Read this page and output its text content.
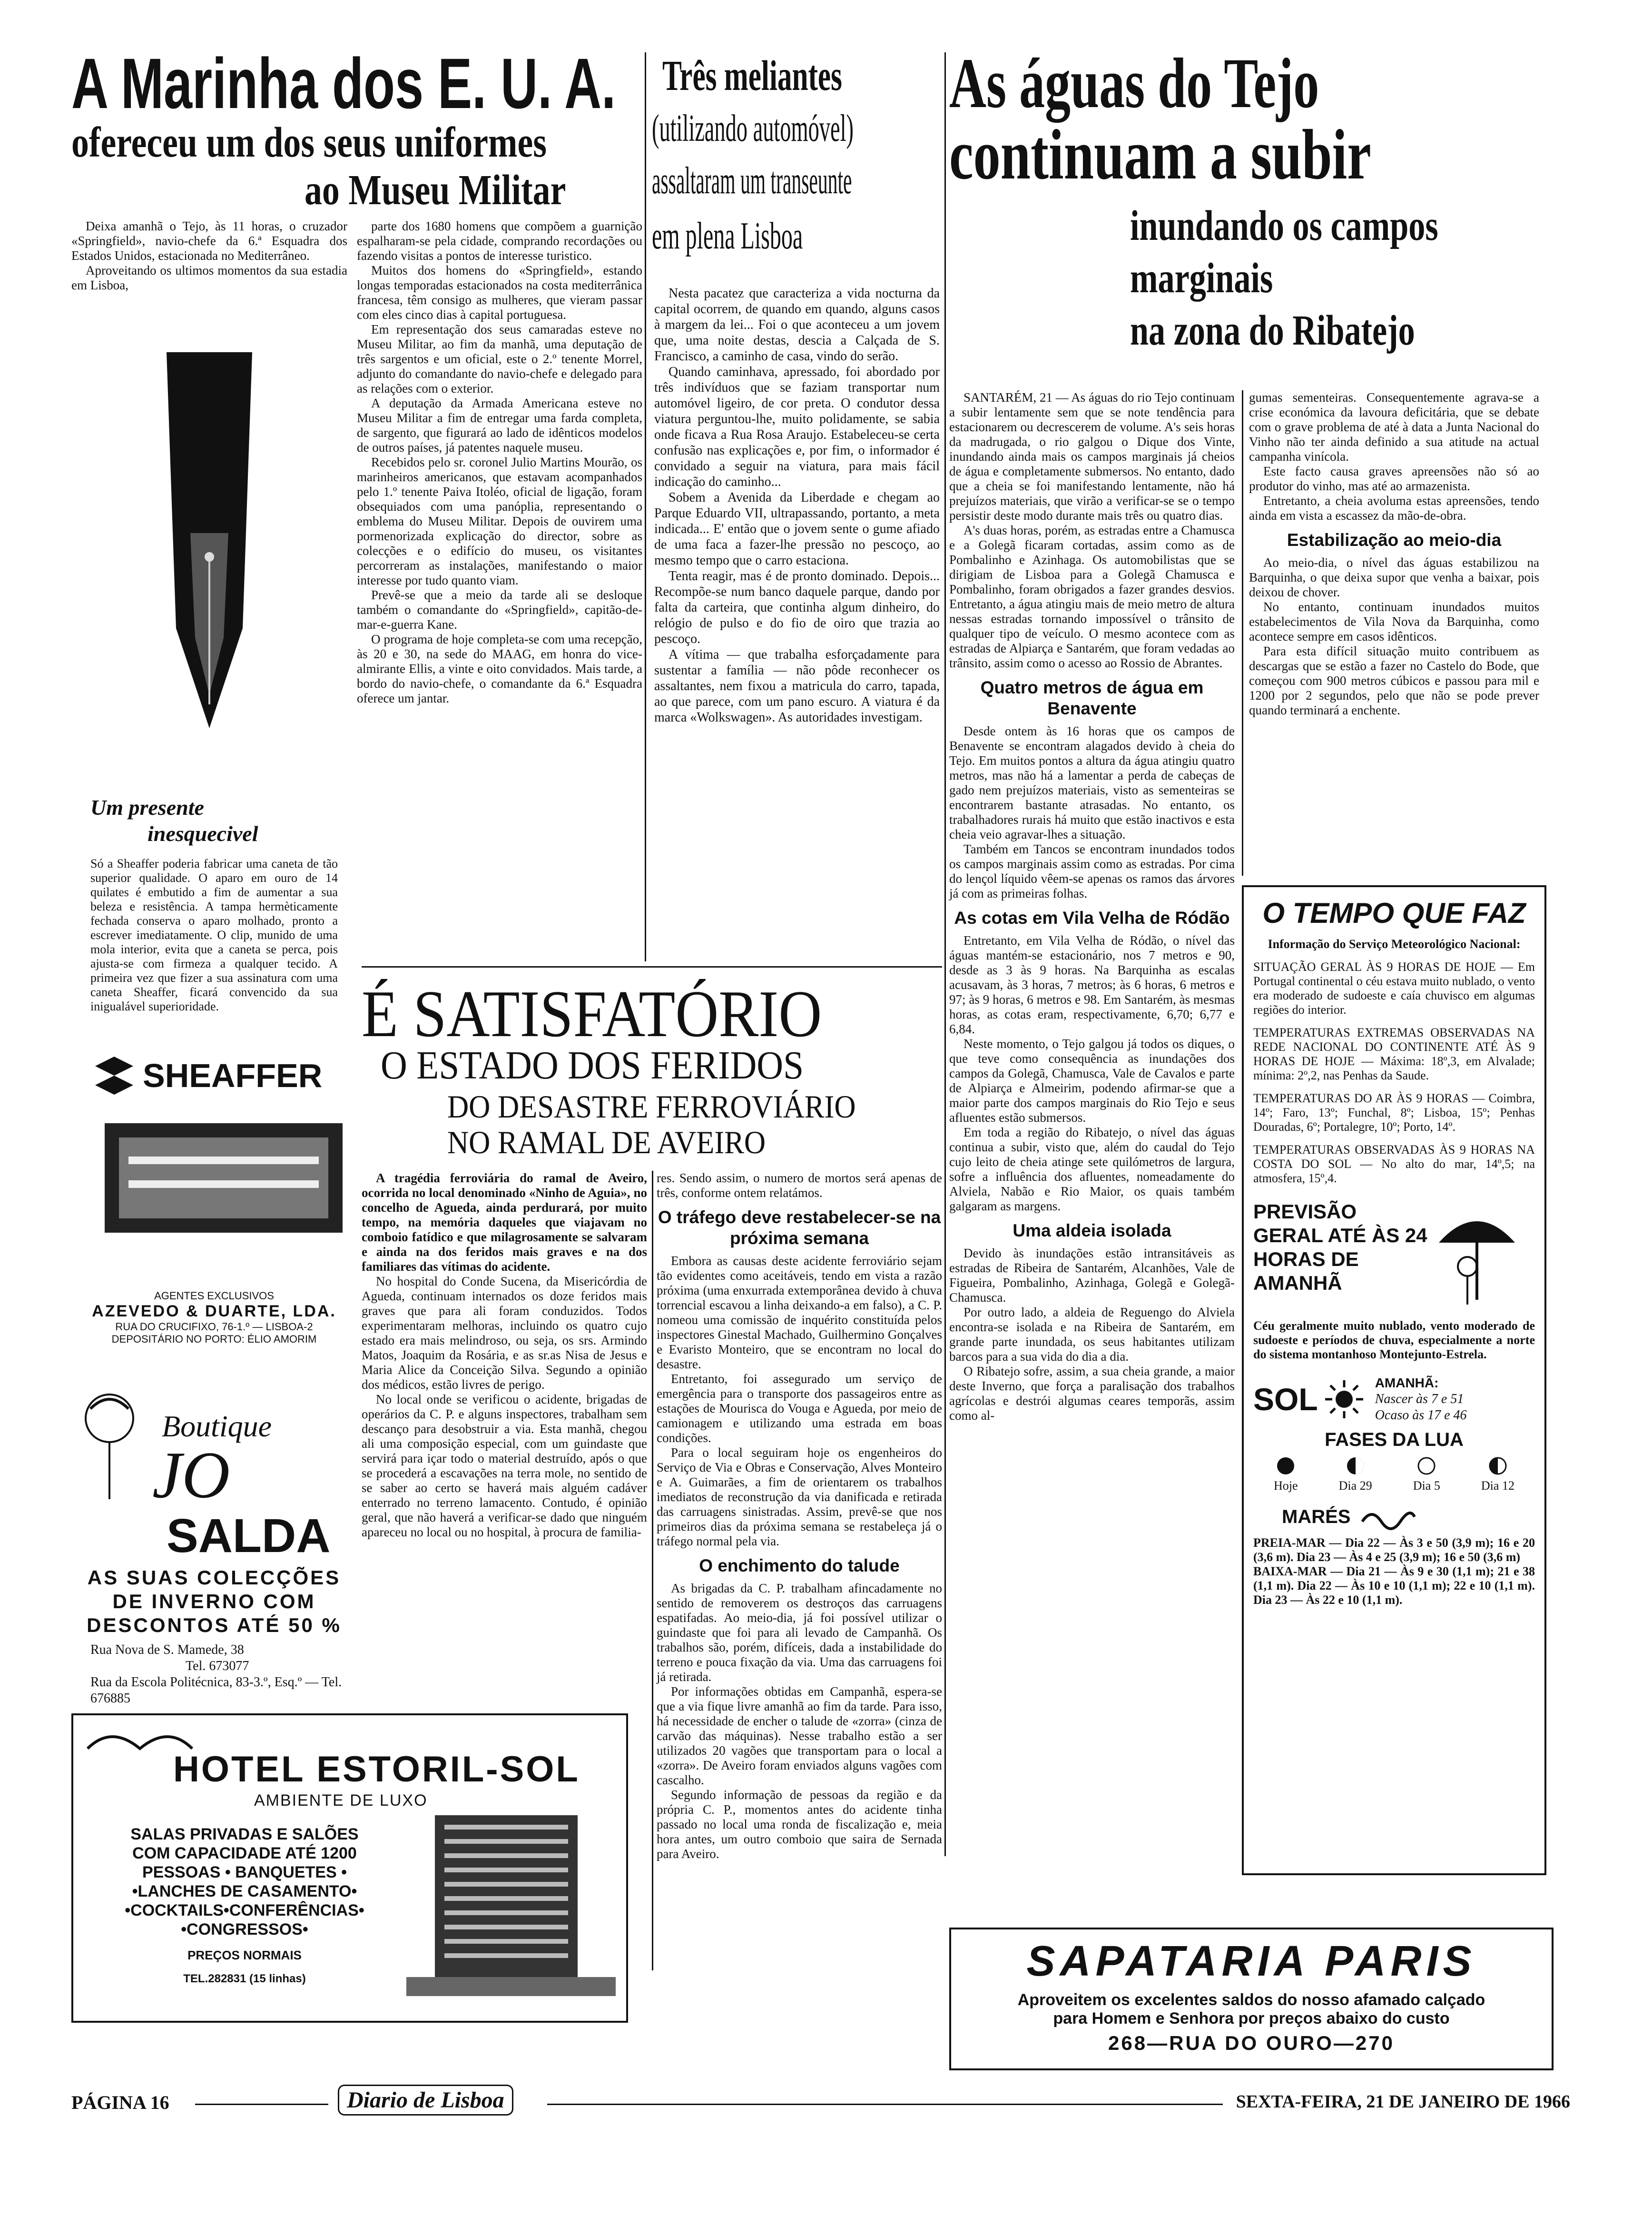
A Marinha dos E. U. A.
ofereceu um dos seus uniformes
ao Museu Militar

Deixa amanhã o Tejo, às 11 horas, o cruzador «Springfield», navio-chefe da 6.ª Esquadra dos Estados Unidos, estacionada no Mediterrâneo.

Aproveitando os ultimos momentos da sua estadia em Lisboa,

parte dos 1680 homens que compõem a guarnição espalharam-se pela cidade, comprando recordações ou fazendo visitas a pontos de interesse turistico.

Muitos dos homens do «Springfield», estando longas temporadas estacionados na costa mediterrânica francesa, têm consigo as mulheres, que vieram passar com eles cinco dias à capital portuguesa.

Em representação dos seus camaradas esteve no Museu Militar, ao fim da manhã, uma deputação de três sargentos e um oficial, este o 2.º tenente Morrel, adjunto do comandante do navio-chefe e delegado para as relações com o exterior.

A deputação da Armada Americana esteve no Museu Militar a fim de entregar uma farda completa, de sargento, que figurará ao lado de idênticos modelos de outros países, já patentes naquele museu.

Recebidos pelo sr. coronel Julio Martins Mourão, os marinheiros americanos, que estavam acompanhados pelo 1.º tenente Paiva Itoléo, oficial de ligação, foram obsequiados com uma panóplia, representando o emblema do Museu Militar. Depois de ouvirem uma pormenorizada explicação do director, sobre as colecções e o edifício do museu, os visitantes percorreram as instalações, manifestando o maior interesse por tudo quanto viam.

Prevê-se que a meio da tarde ali se desloque também o comandante do «Springfield», capitão-de-mar-e-guerra Kane.

O programa de hoje completa-se com uma recepção, às 20 e 30, na sede do MAAG, em honra do vice-almirante Ellis, a vinte e oito convidados. Mais tarde, a bordo do navio-chefe, o comandante da 6.ª Esquadra oferece um jantar.

Um presente
inesquecivel
Só a Sheaffer poderia fabricar uma caneta de tão superior qualidade. O aparo em ouro de 14 quilates é embutido a fim de aumentar a sua beleza e resistência. A tampa hermèticamente fechada conserva o aparo molhado, pronto a escrever imediatamente. O clip, munido de uma mola interior, evita que a caneta se perca, pois ajusta-se com firmeza a qualquer tecido. A primeira vez que fizer a sua assinatura com uma caneta Sheaffer, ficará convencido da sua inigualável superioridade.
SHEAFFER
AGENTES EXCLUSIVOS
AZEVEDO & DUARTE, LDA.
RUA DO CRUCIFIXO, 76-1.º — LISBOA-2
DEPOSITÁRIO NO PORTO: ÉLIO AMORIM
Boutique
JO
SALDA
AS SUAS COLECÇÕES
DE INVERNO COM
DESCONTOS ATÉ 50 %
Rua Nova de S. Mamede, 38
Tel. 673077
Rua da Escola Politécnica, 83-3.º, Esq.º — Tel. 676885
HOTEL ESTORIL-SOL
AMBIENTE DE LUXO
SALAS PRIVADAS E SALÕES
COM CAPACIDADE ATÉ 1200
PESSOAS • BANQUETES •
•LANCHES DE CASAMENTO•
•COCKTAILS•CONFERÊNCIAS•
•CONGRESSOS•
PREÇOS NORMAIS
TEL.282831 (15 linhas)
Três meliantes
(utilizando automóvel)
assaltaram um transeunte
em plena Lisboa

Nesta pacatez que caracteriza a vida nocturna da capital ocorrem, de quando em quando, alguns casos à margem da lei... Foi o que aconteceu a um jovem que, uma noite destas, descia a Calçada de S. Francisco, a caminho de casa, vindo do serão.

Quando caminhava, apressado, foi abordado por três indivíduos que se faziam transportar num automóvel ligeiro, de cor preta. O condutor dessa viatura perguntou-lhe, muito polidamente, se sabia onde ficava a Rua Rosa Araujo. Estabeleceu-se certa confusão nas explicações e, por fim, o informador é convidado a seguir na viatura, para mais fácil indicação do caminho...

Sobem a Avenida da Liberdade e chegam ao Parque Eduardo VII, ultrapassando, portanto, a meta indicada... E' então que o jovem sente o gume afiado de uma faca a fazer-lhe pressão no pescoço, ao mesmo tempo que o carro estaciona.

Tenta reagir, mas é de pronto dominado. Depois... Recompõe-se num banco daquele parque, dando por falta da carteira, que continha algum dinheiro, do relógio de pulso e do fio de oiro que trazia ao pescoço.

A vítima — que trabalha esforçadamente para sustentar a família — não pôde reconhecer os assaltantes, nem fixou a matricula do carro, tapada, ao que parece, com um pano escuro. A viatura é da marca «Wolkswagen». As autoridades investigam.

As águas do Tejo
continuam a subir
inundando os campos
marginais
na zona do Ribatejo

SANTARÉM, 21 — As águas do rio Tejo continuam a subir lentamente sem que se note tendência para estacionarem ou decrescerem de volume. A's seis horas da madrugada, o rio galgou o Dique dos Vinte, inundando ainda mais os campos marginais já cheios de água e completamente submersos. No entanto, dado que a cheia se foi manifestando lentamente, não há prejuízos materiais, que virão a verificar-se se o tempo persistir deste modo durante mais três ou quatro dias.

A's duas horas, porém, as estradas entre a Chamusca e a Golegã ficaram cortadas, assim como as de Pombalinho e Azinhaga. Os automobilistas que se dirigiam de Lisboa para a Golegã Chamusca e Pombalinho, foram obrigados a fazer grandes desvios. Entretanto, a água atingiu mais de meio metro de altura nessas estradas tornando impossível o trânsito de qualquer tipo de veículo. O mesmo acontece com as estradas de Alpiarça e Santarém, que foram vedadas ao trânsito, assim como o acesso ao Rossio de Abrantes.

Quatro metros de água em Benavente

Desde ontem às 16 horas que os campos de Benavente se encontram alagados devido à cheia do Tejo. Em muitos pontos a altura da água atingiu quatro metros, mas não há a lamentar a perda de cabeças de gado nem prejuízos materiais, visto as sementeiras se encontrarem bastante atrasadas. No entanto, os trabalhadores rurais há muito que estão inactivos e esta cheia veio agravar-lhes a situação.

Também em Tancos se encontram inundados todos os campos marginais assim como as estradas. Por cima do lençol líquido vêem-se apenas os ramos das árvores já com as primeiras folhas.

As cotas em Vila Velha de Ródão

Entretanto, em Vila Velha de Ródão, o nível das águas mantém-se estacionário, nos 7 metros e 90, desde as 3 às 9 horas. Na Barquinha as escalas acusavam, às 3 horas, 7 metros; às 6 horas, 6 metros e 97; às 9 horas, 6 metros e 98. Em Santarém, às mesmas horas, as cotas eram, respectivamente, 6,70; 6,77 e 6,84.

Neste momento, o Tejo galgou já todos os diques, o que teve como consequência as inundações dos campos da Golegã, Chamusca, Vale de Cavalos e parte de Alpiarça e Almeirim, podendo afirmar-se que a maior parte dos campos marginais do Rio Tejo e seus afluentes estão submersos.

Em toda a região do Ribatejo, o nível das águas continua a subir, visto que, além do caudal do Tejo cujo leito de cheia atinge sete quilómetros de largura, sofre a influência dos afluentes, nomeadamente do Alviela, Nabão e Rio Maior, os quais também galgaram as margens.

Uma aldeia isolada

Devido às inundações estão intransitáveis as estradas de Ribeira de Santarém, Alcanhões, Vale de Figueira, Pombalinho, Azinhaga, Golegã e Golegã-Chamusca.

Por outro lado, a aldeia de Reguengo do Alviela encontra-se isolada e na Ribeira de Santarém, em grande parte inundada, os seus habitantes utilizam barcos para a sua vida do dia a dia.

O Ribatejo sofre, assim, a sua cheia grande, a maior deste Inverno, que força a paralisação dos trabalhos agrícolas e destrói algumas ceares temporãs, assim como al-

gumas sementeiras. Consequentemente agrava-se a crise económica da lavoura deficitária, que se debate com o grave problema de até à data a Junta Nacional do Vinho não ter ainda definido a sua atitude na actual campanha vinícola.

Este facto causa graves apreensões não só ao produtor do vinho, mas até ao armazenista.

Entretanto, a cheia avoluma estas apreensões, tendo ainda em vista a escassez da mão-de-obra.

Estabilização ao meio-dia

Ao meio-dia, o nível das águas estabilizou na Barquinha, o que deixa supor que venha a baixar, pois deixou de chover.

No entanto, continuam inundados muitos estabelecimentos de Vila Nova da Barquinha, como acontece sempre em casos idênticos.

Para esta difícil situação muito contribuem as descargas que se estão a fazer no Castelo do Bode, que começou com 900 metros cúbicos e passou para mil e 1200 por 2 segundos, pelo que não se pode prever quando terminará a enchente.

O TEMPO QUE FAZ
Informação do Serviço Meteorológico Nacional:
SITUAÇÃO GERAL ÀS 9 HORAS DE HOJE — Em Portugal continental o céu estava muito nublado, o vento era moderado de sudoeste e caía chuvisco em algumas regiões do interior.
TEMPERATURAS EXTREMAS OBSERVADAS NA REDE NACIONAL DO CONTINENTE ATÉ ÀS 9 HORAS DE HOJE — Máxima: 18º,3, em Alvalade; mínima: 2º,2, nas Penhas da Saude.
TEMPERATURAS DO AR ÀS 9 HORAS — Coimbra, 14º; Faro, 13º; Funchal, 8º; Lisboa, 15º; Penhas Douradas, 6º; Portalegre, 10º; Porto, 14º.
TEMPERATURAS OBSERVADAS ÀS 9 HORAS NA COSTA DO SOL — No alto do mar, 14º,5; na atmosfera, 15º,4.
PREVISÃO GERAL ATÉ ÀS 24 HORAS DE AMANHÃ
Céu geralmente muito nublado, vento moderado de sudoeste e períodos de chuva, especialmente a norte do sistema montanhoso Montejunto-Estrela.
SOL	AMANHÃ:
Nascer às 7 e 51
Ocaso às 17 e 46
FASES DA LUA
Hoje	Dia 29	Dia 5	Dia 12
MARÉS
PREIA-MAR — Dia 22 — Às 3 e 50 (3,9 m); 16 e 20 (3,6 m). Dia 23 — Às 4 e 25 (3,9 m); 16 e 50 (3,6 m)
BAIXA-MAR — Dia 21 — Às 9 e 30 (1,1 m); 21 e 38 (1,1 m). Dia 22 — Às 10 e 10 (1,1 m); 22 e 10 (1,1 m). Dia 23 — Às 22 e 10 (1,1 m).
É SATISFATÓRIO
O ESTADO DOS FERIDOS
DO DESASTRE FERROVIÁRIO
NO RAMAL DE AVEIRO

A tragédia ferroviária do ramal de Aveiro, ocorrida no local denominado «Ninho de Aguia», no concelho de Agueda, ainda perdurará, por muito tempo, na memória daqueles que viajavam no comboio fatídico e que milagrosamente se salvaram e ainda na dos feridos mais graves e na dos familiares das vítimas do acidente.

No hospital do Conde Sucena, da Misericórdia de Agueda, continuam internados os doze feridos mais graves que para ali foram conduzidos. Todos experimentaram melhoras, incluindo os quatro cujo estado era mais melindroso, ou seja, os srs. Armindo Matos, Joaquim da Rosária, e as sr.as Nisa de Jesus e Maria Alice da Conceição Silva. Segundo a opinião dos médicos, estão livres de perigo.

No local onde se verificou o acidente, brigadas de operários da C. P. e alguns inspectores, trabalham sem descanço para desobstruir a via. Esta manhã, chegou ali uma composição especial, com um guindaste que servirá para içar todo o material destruído, após o que se procederá a escavações na terra mole, no sentido de se saber ao certo se haverá mais alguém cadáver enterrado no terreno lamacento. Contudo, é opinião geral, que não haverá a verificar-se dado que ninguém apareceu no local ou no hospital, à procura de familia-

res. Sendo assim, o numero de mortos será apenas de três, conforme ontem relatámos.

O tráfego deve restabelecer-se na próxima semana

Embora as causas deste acidente ferroviário sejam tão evidentes como aceitáveis, tendo em vista a razão próxima (uma enxurrada extemporânea devido à chuva torrencial escavou a linha deixando-a em falso), a C. P. nomeou uma comissão de inquérito constituída pelos inspectores Ginestal Machado, Guilhermino Gonçalves e Evaristo Monteiro, que se encontram no local do desastre.

Entretanto, foi assegurado um serviço de emergência para o transporte dos passageiros entre as estações de Mourisca do Vouga e Agueda, por meio de camionagem e utilizando uma estrada em boas condições.

Para o local seguiram hoje os engenheiros do Serviço de Via e Obras e Conservação, Alves Monteiro e A. Guimarães, a fim de orientarem os trabalhos imediatos de reconstrução da via danificada e retirada das carruagens sinistradas. Assim, prevê-se que nos primeiros dias da próxima semana se restabeleça já o tráfego normal pela via.

O enchimento do talude

As brigadas da C. P. trabalham afincadamente no sentido de removerem os destroços das carruagens espatifadas. Ao meio-dia, já foi possível utilizar o guindaste que foi para ali levado de Campanhã. Os trabalhos são, porém, difíceis, dada a instabilidade do terreno e pouca fixação da via. Uma das carruagens foi já retirada.

Por informações obtidas em Campanhã, espera-se que a via fique livre amanhã ao fim da tarde. Para isso, há necessidade de encher o talude de «zorra» (cinza de carvão das máquinas). Nesse trabalho estão a ser utilizados 20 vagões que transportam para o local a «zorra». De Aveiro foram enviados alguns vagões com cascalho.

Segundo informação de pessoas da região e da própria C. P., momentos antes do acidente tinha passado no local uma ronda de fiscalização e, meia hora antes, um outro comboio que saira de Sernada para Aveiro.

SAPATARIA PARIS
Aproveitem os excelentes saldos do nosso afamado calçado
para Homem e Senhora por preços abaixo do custo
268—RUA DO OURO—270
PÁGINA 16	Diario de Lisboa	SEXTA-FEIRA, 21 DE JANEIRO DE 1966
